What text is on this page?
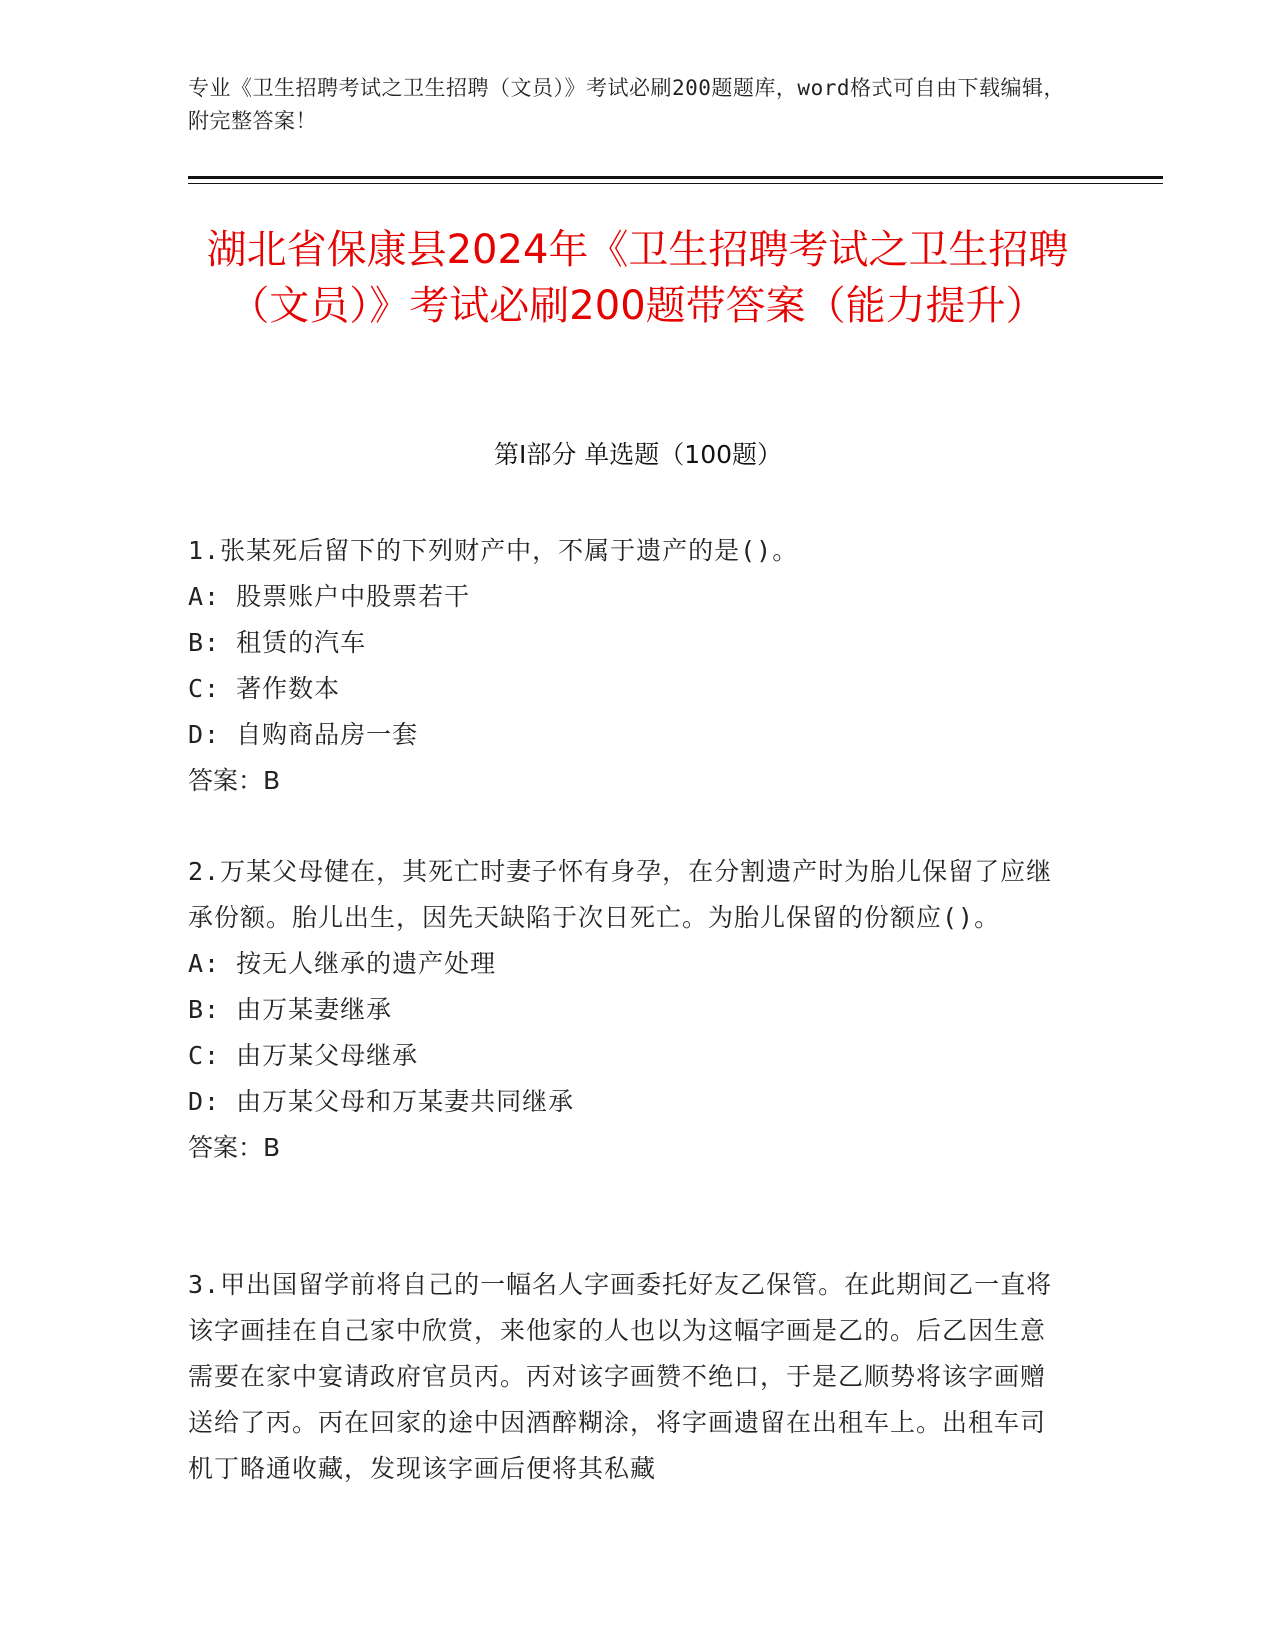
专业《卫生招聘考试之卫生招聘（文员）》考试必刷200题题库，word格式可自由下载编辑，附完整答案！
湖北省保康县2024年《卫生招聘考试之卫生招聘（文员）》考试必刷200题带答案（能力提升）
第Ⅰ部分 单选题（100题）

1.张某死后留下的下列财产中，不属于遗产的是()。

A: 股票账户中股票若干

B: 租赁的汽车

C: 著作数本

D: 自购商品房一套

答案：B

2.万某父母健在，其死亡时妻子怀有身孕，在分割遗产时为胎儿保留了应继承份额。胎儿出生，因先天缺陷于次日死亡。为胎儿保留的份额应()。

A: 按无人继承的遗产处理

B: 由万某妻继承

C: 由万某父母继承

D: 由万某父母和万某妻共同继承

答案：B

3.甲出国留学前将自己的一幅名人字画委托好友乙保管。在此期间乙一直将该字画挂在自己家中欣赏，来他家的人也以为这幅字画是乙的。后乙因生意需要在家中宴请政府官员丙。丙对该字画赞不绝口，于是乙顺势将该字画赠送给了丙。丙在回家的途中因酒醉糊涂，将字画遗留在出租车上。出租车司机丁略通收藏，发现该字画后便将其私藏
